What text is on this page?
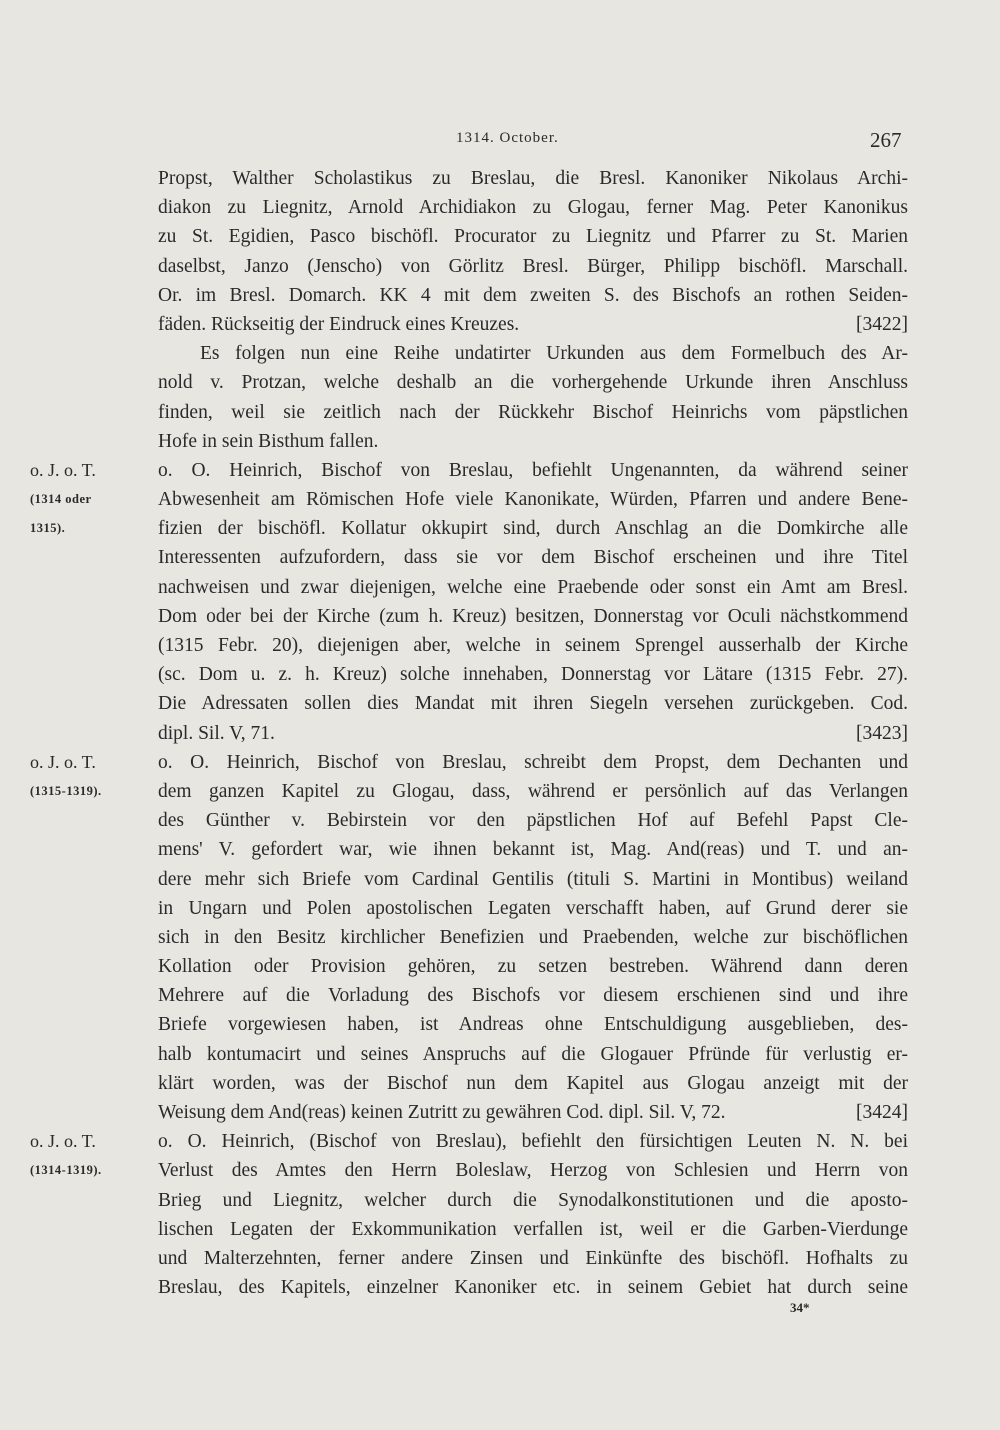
1314. October.	267
Propst, Walther Scholastikus zu Breslau, die Bresl. Kanoniker Nikolaus Archi-
diakon zu Liegnitz, Arnold Archidiakon zu Glogau, ferner Mag. Peter Kanonikus
zu St. Egidien, Pasco bischöfl. Procurator zu Liegnitz und Pfarrer zu St. Marien
daselbst, Janzo (Jenscho) von Görlitz Bresl. Bürger, Philipp bischöfl. Marschall.
Or. im Bresl. Domarch. KK 4 mit dem zweiten S. des Bischofs an rothen Seiden-
fäden. Rückseitig der Eindruck eines Kreuzes.	[3422]
Es folgen nun eine Reihe undatirter Urkunden aus dem Formelbuch des Ar-
nold v. Protzan, welche deshalb an die vorhergehende Urkunde ihren Anschluss
finden, weil sie zeitlich nach der Rückkehr Bischof Heinrichs vom päpstlichen
Hofe in sein Bisthum fallen.
o. J. o. T.	o. O. Heinrich, Bischof von Breslau, befiehlt Ungenannten, da während seiner
(1314 oder	Abwesenheit am Römischen Hofe viele Kanonikate, Würden, Pfarren und andere Bene-
1315).	fizien der bischöfl. Kollatur okkupirt sind, durch Anschlag an die Domkirche alle
Interessenten aufzufordern, dass sie vor dem Bischof erscheinen und ihre Titel
nachweisen und zwar diejenigen, welche eine Praebende oder sonst ein Amt am Bresl.
Dom oder bei der Kirche (zum h. Kreuz) besitzen, Donnerstag vor Oculi nächstkommend
(1315 Febr. 20), diejenigen aber, welche in seinem Sprengel ausserhalb der Kirche
(sc. Dom u. z. h. Kreuz) solche innehaben, Donnerstag vor Lätare (1315 Febr. 27).
Die Adressaten sollen dies Mandat mit ihren Siegeln versehen zurückgeben. Cod.
dipl. Sil. V, 71.	[3423]
o. J. o. T.	o. O. Heinrich, Bischof von Breslau, schreibt dem Propst, dem Dechanten und
(1315-1319).	dem ganzen Kapitel zu Glogau, dass, während er persönlich auf das Verlangen
des Günther v. Bebirstein vor den päpstlichen Hof auf Befehl Papst Cle-
mens' V. gefordert war, wie ihnen bekannt ist, Mag. And(reas) und T. und an-
dere mehr sich Briefe vom Cardinal Gentilis (tituli S. Martini in Montibus) weiland
in Ungarn und Polen apostolischen Legaten verschafft haben, auf Grund derer sie
sich in den Besitz kirchlicher Benefizien und Praebenden, welche zur bischöflichen
Kollation oder Provision gehören, zu setzen bestreben. Während dann deren
Mehrere auf die Vorladung des Bischofs vor diesem erschienen sind und ihre
Briefe vorgewiesen haben, ist Andreas ohne Entschuldigung ausgeblieben, des-
halb kontumacirt und seines Anspruchs auf die Glogauer Pfründe für verlustig er-
klärt worden, was der Bischof nun dem Kapitel aus Glogau anzeigt mit der
Weisung dem And(reas) keinen Zutritt zu gewähren Cod. dipl. Sil. V, 72.	[3424]
o. J. o. T.	o. O. Heinrich, (Bischof von Breslau), befiehlt den fürsichtigen Leuten N. N. bei
(1314-1319).	Verlust des Amtes den Herrn Boleslaw, Herzog von Schlesien und Herrn von
Brieg und Liegnitz, welcher durch die Synodalkonstitutionen und die aposto-
lischen Legaten der Exkommunikation verfallen ist, weil er die Garben-Vierdunge
und Malterzehnten, ferner andere Zinsen und Einkünfte des bischöfl. Hofhalts zu
Breslau, des Kapitels, einzelner Kanoniker etc. in seinem Gebiet hat durch seine
34*
